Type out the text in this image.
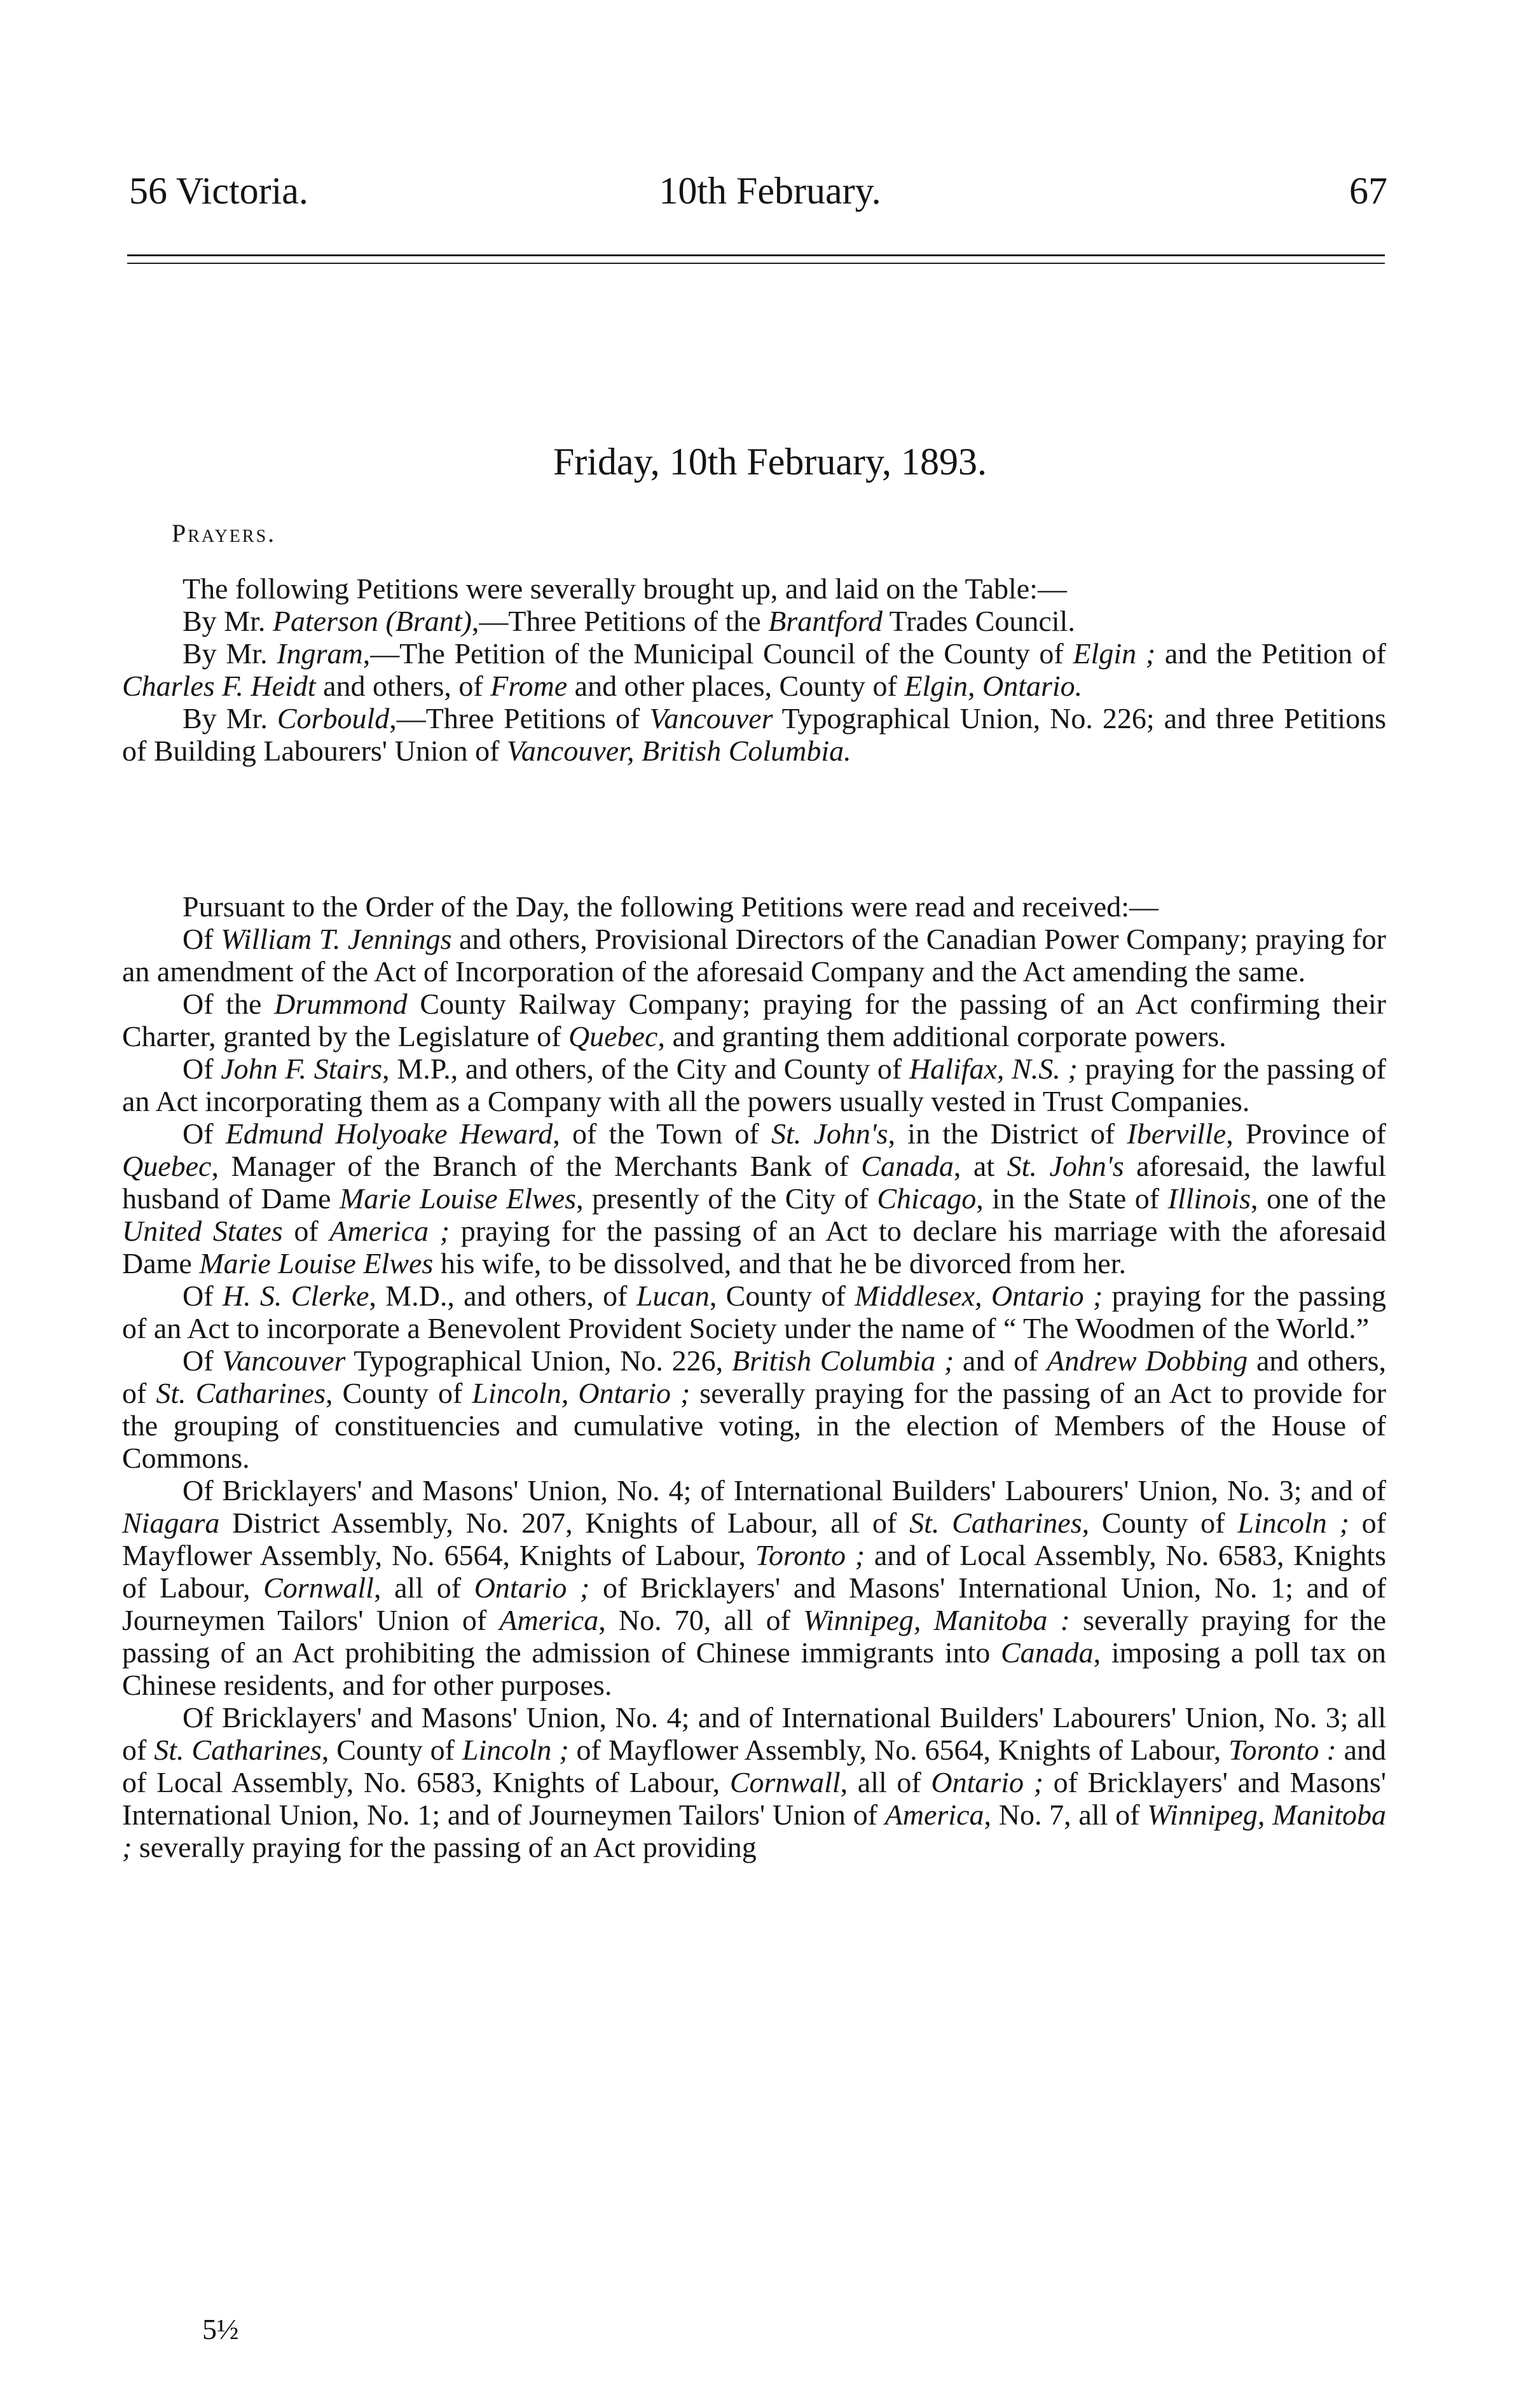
56 Victoria.	10th February.	67
Friday, 10th February, 1893.
Prayers.

The following Petitions were severally brought up, and laid on the Table:—

By Mr. Paterson (Brant),—Three Petitions of the Brantford Trades Council.

By Mr. Ingram,—The Petition of the Municipal Council of the County of Elgin ; and the Petition of Charles F. Heidt and others, of Frome and other places, County of Elgin, Ontario.

By Mr. Corbould,—Three Petitions of Vancouver Typographical Union, No. 226; and three Petitions of Building Labourers' Union of Vancouver, British Columbia.

Pursuant to the Order of the Day, the following Petitions were read and received:—

Of William T. Jennings and others, Provisional Directors of the Canadian Power Company; praying for an amendment of the Act of Incorporation of the aforesaid Company and the Act amending the same.

Of the Drummond County Railway Company; praying for the passing of an Act confirming their Charter, granted by the Legislature of Quebec, and granting them additional corporate powers.

Of John F. Stairs, M.P., and others, of the City and County of Halifax, N.S. ; praying for the passing of an Act incorporating them as a Company with all the powers usually vested in Trust Companies.

Of Edmund Holyoake Heward, of the Town of St. John's, in the District of Iberville, Province of Quebec, Manager of the Branch of the Merchants Bank of Canada, at St. John's aforesaid, the lawful husband of Dame Marie Louise Elwes, presently of the City of Chicago, in the State of Illinois, one of the United States of America ; praying for the passing of an Act to declare his marriage with the aforesaid Dame Marie Louise Elwes his wife, to be dissolved, and that he be divorced from her.

Of H. S. Clerke, M.D., and others, of Lucan, County of Middlesex, Ontario ; praying for the passing of an Act to incorporate a Benevolent Provident Society under the name of “ The Woodmen of the World.”

Of Vancouver Typographical Union, No. 226, British Columbia ; and of Andrew Dobbing and others, of St. Catharines, County of Lincoln, Ontario ; severally praying for the passing of an Act to provide for the grouping of constituencies and cumulative voting, in the election of Members of the House of Commons.

Of Bricklayers' and Masons' Union, No. 4; of International Builders' Labourers' Union, No. 3; and of Niagara District Assembly, No. 207, Knights of Labour, all of St. Catharines, County of Lincoln ; of Mayflower Assembly, No. 6564, Knights of Labour, Toronto ; and of Local Assembly, No. 6583, Knights of Labour, Cornwall, all of Ontario ; of Bricklayers' and Masons' International Union, No. 1; and of Journeymen Tailors' Union of America, No. 70, all of Winnipeg, Manitoba : severally praying for the passing of an Act prohibiting the admission of Chinese immigrants into Canada, imposing a poll tax on Chinese residents, and for other purposes.

Of Bricklayers' and Masons' Union, No. 4; and of International Builders' Labourers' Union, No. 3; all of St. Catharines, County of Lincoln ; of Mayflower Assembly, No. 6564, Knights of Labour, Toronto : and of Local Assembly, No. 6583, Knights of Labour, Cornwall, all of Ontario ; of Bricklayers' and Masons' International Union, No. 1; and of Journeymen Tailors' Union of America, No. 7, all of Winnipeg, Manitoba ; severally praying for the passing of an Act providing

5½
